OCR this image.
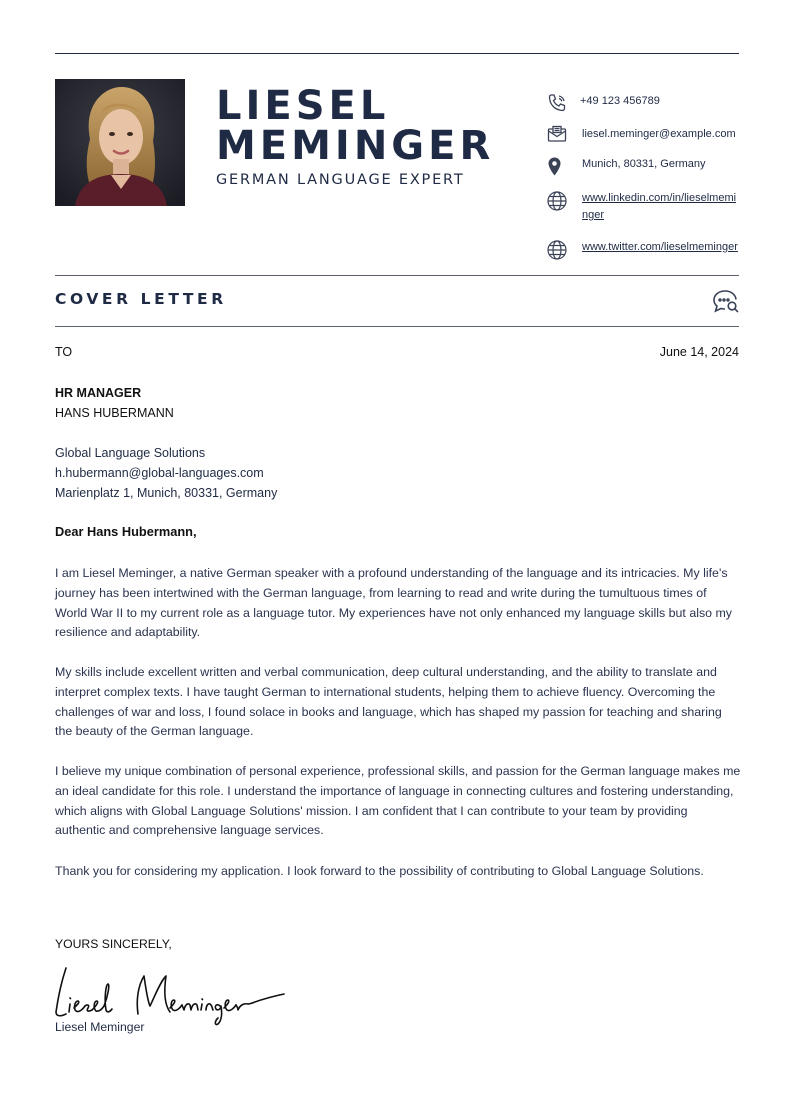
LIESEL
MEMINGER
GERMAN LANGUAGE EXPERT
+49 123 456789
liesel.meminger@example.com
Munich, 80331, Germany
www.linkedin.com/in/lieselmeminger
www.twitter.com/lieselmeminger
COVER LETTER
TO	June 14, 2024
HR MANAGER
HANS HUBERMANN
Global Language Solutions
h.hubermann@global-languages.com
Marienplatz 1, Munich, 80331, Germany
Dear Hans Hubermann,

I am Liesel Meminger, a native German speaker with a profound understanding of the language and its intricacies. My life's journey has been intertwined with the German language, from learning to read and write during the tumultuous times of World War II to my current role as a language tutor. My experiences have not only enhanced my language skills but also my resilience and adaptability.

My skills include excellent written and verbal communication, deep cultural understanding, and the ability to translate and interpret complex texts. I have taught German to international students, helping them to achieve fluency. Overcoming the challenges of war and loss, I found solace in books and language, which has shaped my passion for teaching and sharing the beauty of the German language.

I believe my unique combination of personal experience, professional skills, and passion for the German language makes me an ideal candidate for this role. I understand the importance of language in connecting cultures and fostering understanding, which aligns with Global Language Solutions' mission. I am confident that I can contribute to your team by providing authentic and comprehensive language services.

Thank you for considering my application. I look forward to the possibility of contributing to Global Language Solutions.

YOURS SINCERELY,
Liesel Meminger
